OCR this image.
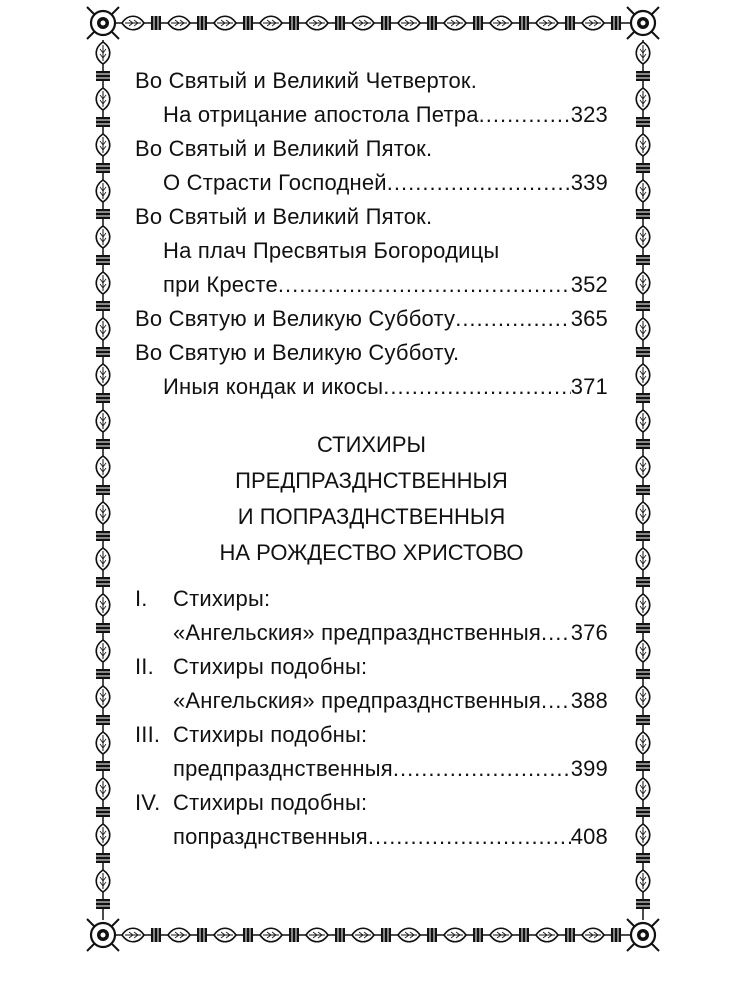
Во Святый и Великий Четверток.
На отрицание апостола Петра .....	323
Во Святый и Великий Пяток.
О Страсти Господней .....	339
Во Святый и Великий Пяток.
На плач Пресвятыя Богородицы
при Кресте .....	352
Во Святую и Великую Субботу .....	365
Во Святую и Великую Субботу.
Иныя кондак и икосы .....	371
СТИХИРЫ
ПРЕДПРАЗДНСТВЕННЫЯ
И ПОПРАЗДНСТВЕННЫЯ
НА РОЖДЕСТВО ХРИСТОВО
I.	Стихиры:
«Ангельския» предпразднственныя ..... 376
II. Стихиры подобны:
«Ангельския» предпразднственныя ..... 388
III. Стихиры подобны:
предпразднственныя .....	399
IV. Стихиры подобны:
попразднственныя .....	408
